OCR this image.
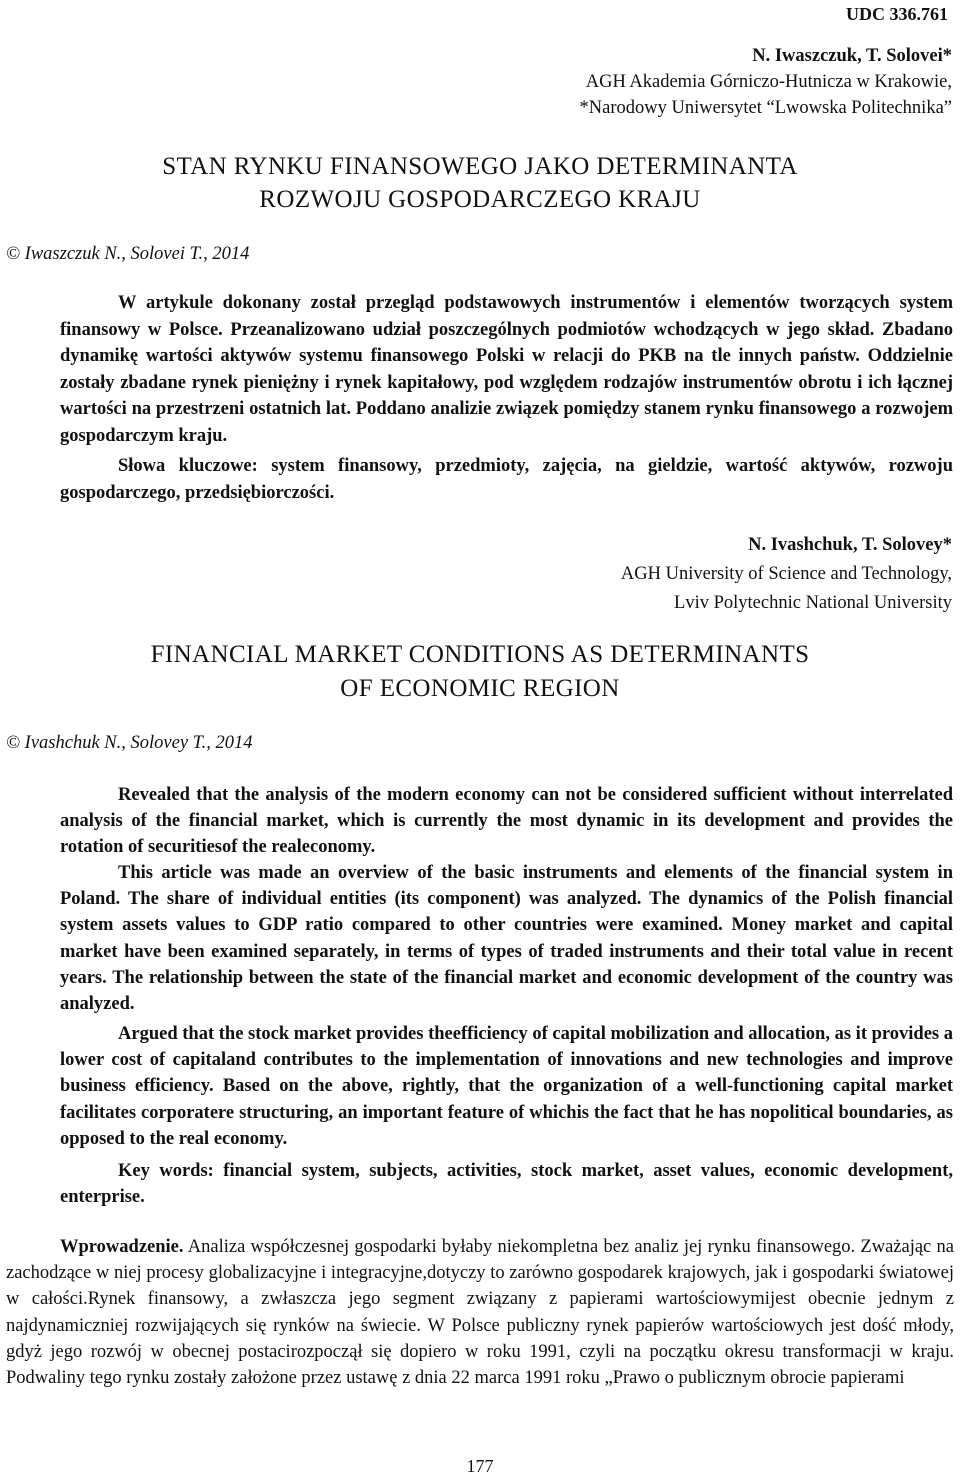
UDC 336.761
N. Iwaszczuk, T. Solovei*
AGH Akademia Górniczo-Hutnicza w Krakowie,
*Narodowy Uniwersytet “Lwowska Politechnika”
STAN RYNKU FINANSOWEGO JAKO DETERMINANTA
ROZWOJU GOSPODARCZEGO KRAJU
© Iwaszczuk N., Solovei T., 2014

W artykule dokonany został przegląd podstawowych instrumentów i elementów tworzących system finansowy w Polsce. Przeanalizowano udział poszczególnych podmiotów wchodzących w jego skład. Zbadano dynamikę wartości aktywów systemu finansowego Polski w relacji do PKB na tle innych państw. Oddzielnie zostały zbadane rynek pieniężny i rynek kapitałowy, pod względem rodzajów instrumentów obrotu i ich łącznej wartości na przestrzeni ostatnich lat. Poddano analizie związek pomiędzy stanem rynku finansowego a rozwojem gospodarczym kraju.

Słowa kluczowe: system finansowy, przedmioty, zajęcia, na gieldzie, wartość aktywów, rozwoju gospodarczego, przedsiębiorczości.

N. Ivashchuk, T. Solovey*
AGH University of Science and Technology,
Lviv Polytechnic National University
FINANCIAL MARKET CONDITIONS AS DETERMINANTS
OF ECONOMIC REGION
© Ivashchuk N., Solovey T., 2014

Revealed that the analysis of the modern economy can not be considered sufficient without interrelated analysis of the financial market, which is currently the most dynamic in its development and provides the rotation of securitiesof the realeconomy.

This article was made an overview of the basic instruments and elements of the financial system in Poland. The share of individual entities (its component) was analyzed. The dynamics of the Polish financial system assets values to GDP ratio compared to other countries were examined. Money market and capital market have been examined separately, in terms of types of traded instruments and their total value in recent years. The relationship between the state of the financial market and economic development of the country was analyzed.

Argued that the stock market provides theefficiency of capital mobilization and allocation, as it provides a lower cost of capitaland contributes to the implementation of innovations and new technologies and improve business efficiency. Based on the above, rightly, that the organization of a well-functioning capital market facilitates corporatere structuring, an important feature of whichis the fact that he has nopolitical boundaries, as opposed to the real economy.

Key words: financial system, subjects, activities, stock market, asset values, economic development, enterprise.

Wprowadzenie. Analiza współczesnej gospodarki byłaby niekompletna bez analiz jej rynku finansowego. Zważając na zachodzące w niej procesy globalizacyjne i integracyjne,dotyczy to zarówno gospodarek krajowych, jak i gospodarki światowej w całości.Rynek finansowy, a zwłaszcza jego segment związany z papierami wartościowymijest obecnie jednym z najdynamiczniej rozwijających się rynków na świecie. W Polsce publiczny rynek papierów wartościowych jest dość młody, gdyż jego rozwój w obecnej postacirozpoczął się dopiero w roku 1991, czyli na początku okresu transformacji w kraju. Podwaliny tego rynku zostały założone przez ustawę z dnia 22 marca 1991 roku „Prawo o publicznym obrocie papierami

177
